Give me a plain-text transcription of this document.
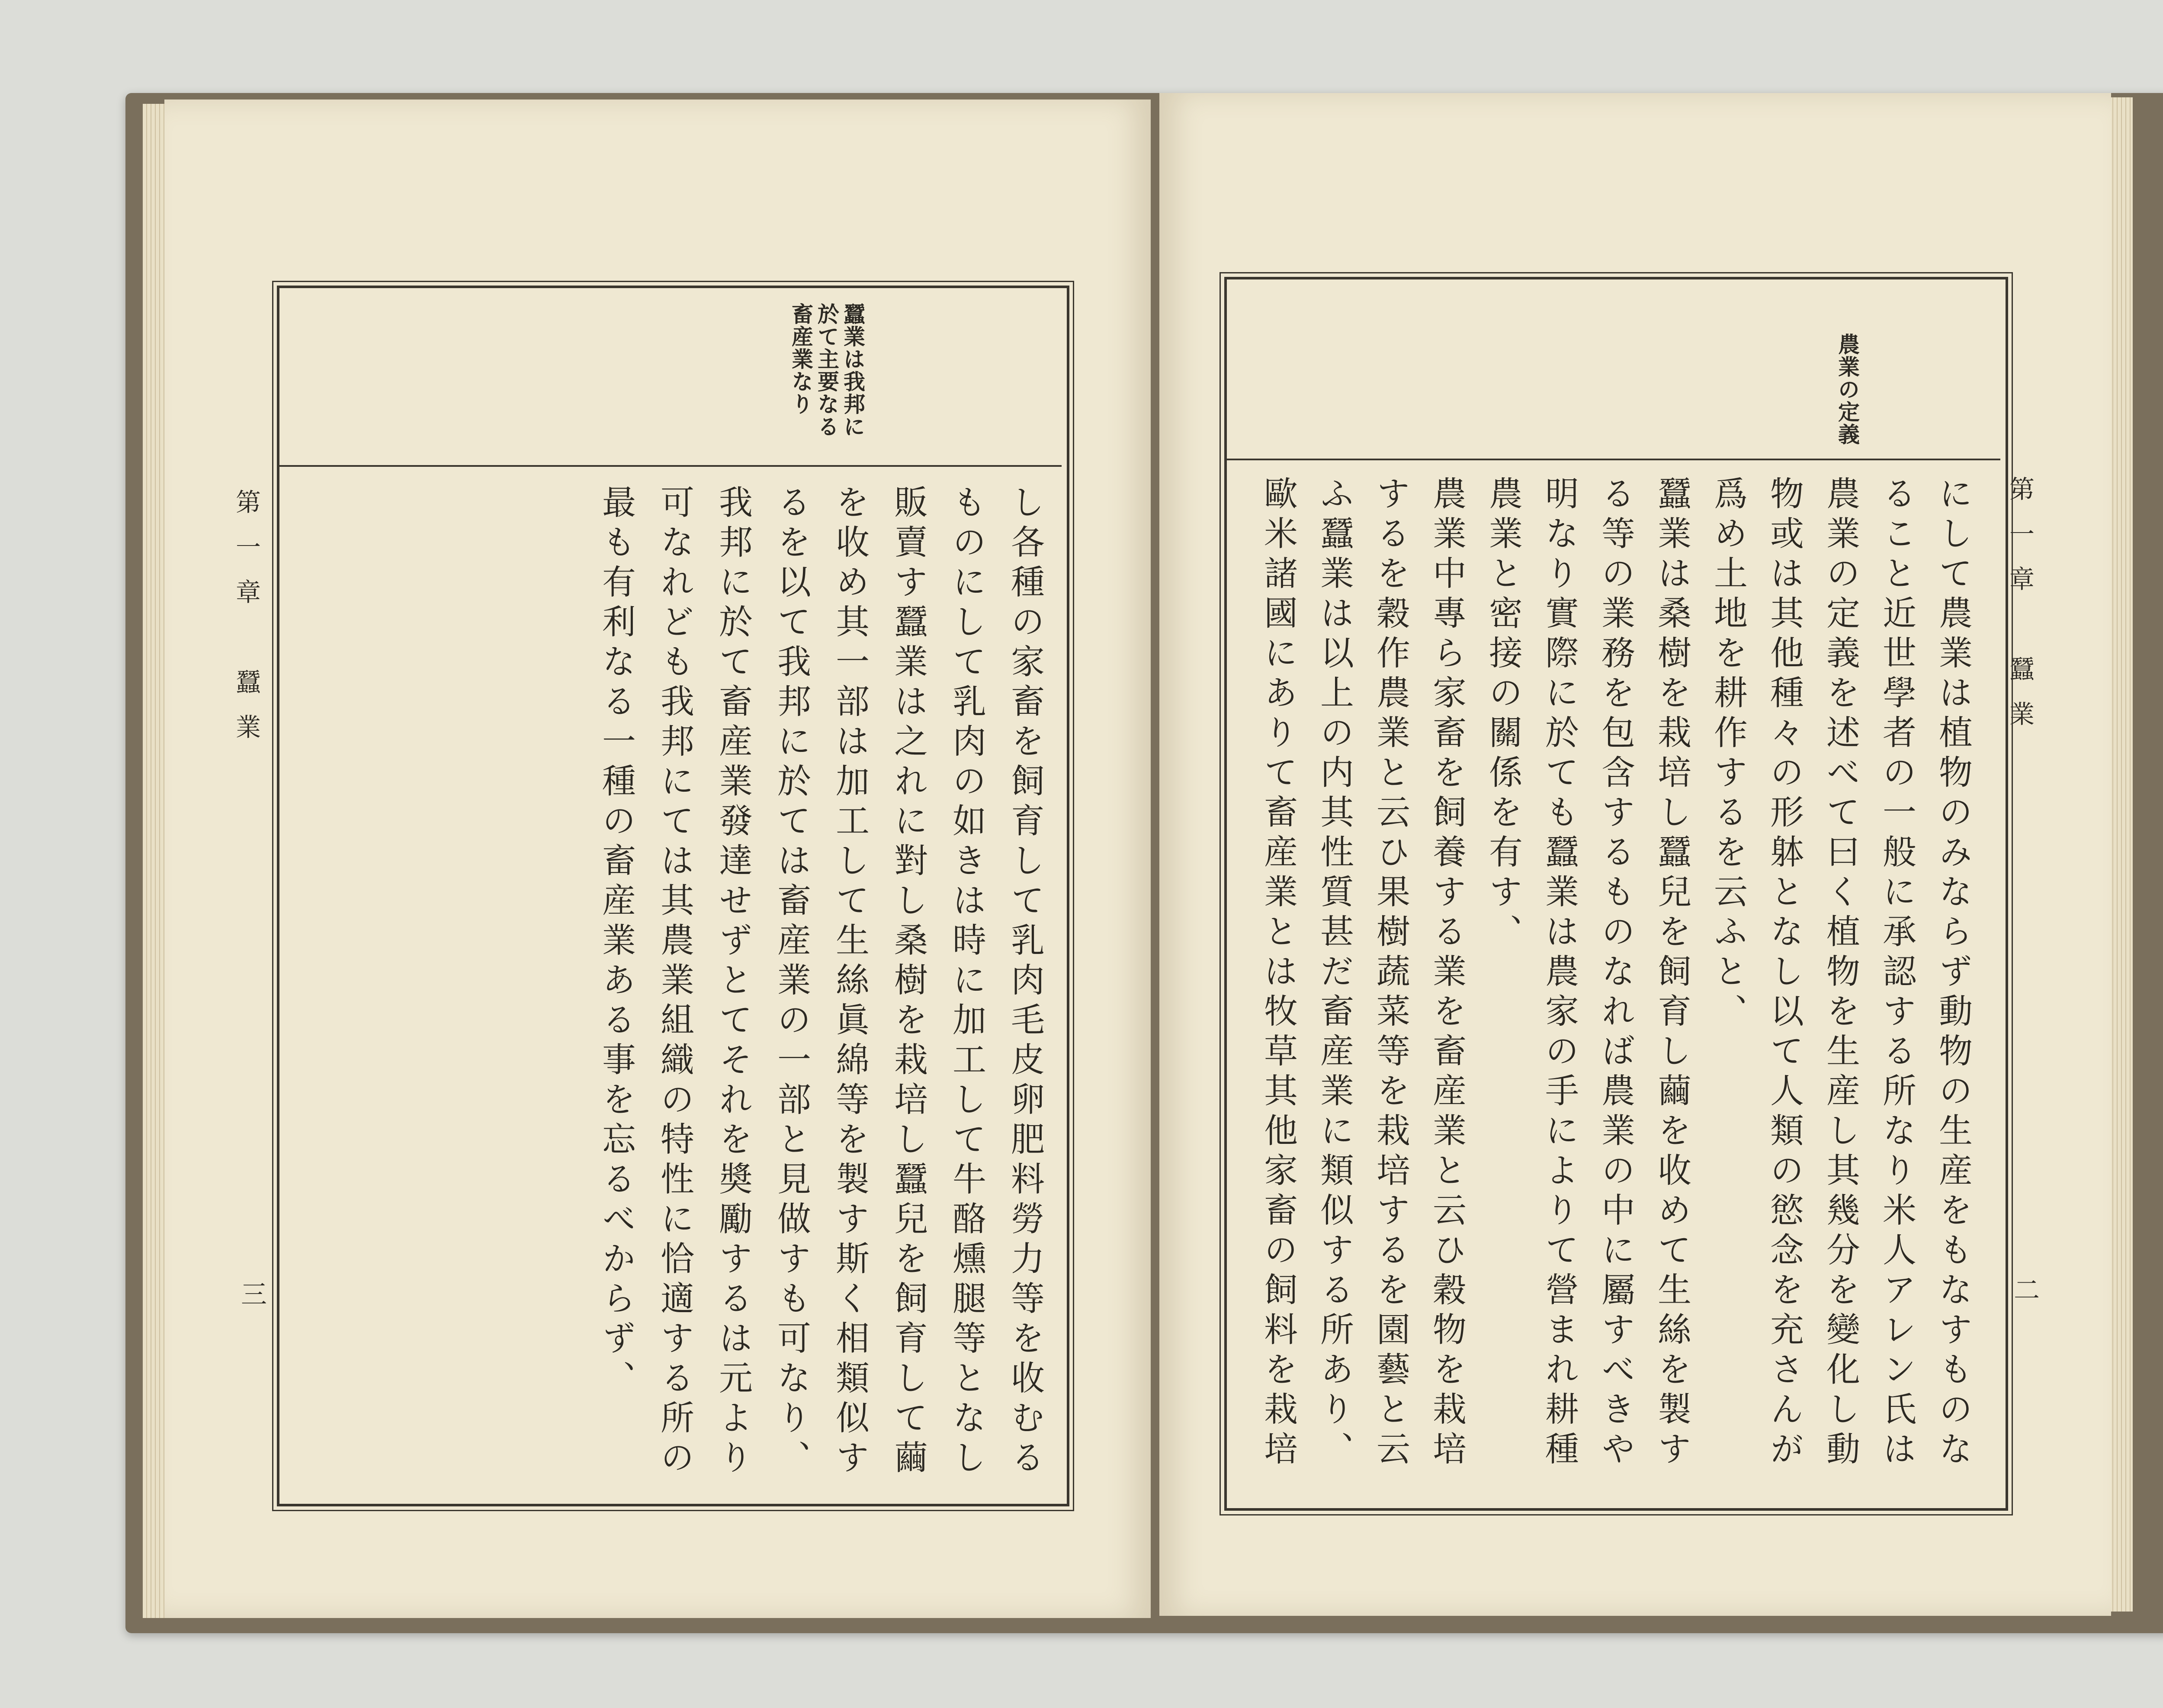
第一章　蠶業
三
蠶業は我邦に
於て主要なる
畜産業なり
し各種の家畜を飼育して乳肉毛皮卵肥料勞力等を收むる
ものにして乳肉の如きは時に加工して牛酪燻腿等となし
販賣す蠶業は之れに對し桑樹を栽培し蠶兒を飼育して繭
を收め其一部は加工して生絲眞綿等を製す斯く相類似す
るを以て我邦に於ては畜産業の一部と見做すも可なり、
我邦に於て畜産業發達せずとてそれを奬勵するは元より
可なれども我邦にては其農業組織の特性に恰適する所の
最も有利なる一種の畜産業ある事を忘るべからず、	第一章　蠶業
二
農業の定義
にして農業は植物のみならず動物の生産をもなすものな
ること近世學者の一般に承認する所なり米人アレン氏は
農業の定義を述べて曰く植物を生産し其幾分を變化し動
物或は其他種々の形躰となし以て人類の慾念を充さんが
爲め土地を耕作するを云ふと、
蠶業は桑樹を栽培し蠶兒を飼育し繭を收めて生絲を製す
る等の業務を包含するものなれば農業の中に屬すべきや
明なり實際に於ても蠶業は農家の手によりて營まれ耕種
農業と密接の關係を有す、
農業中專ら家畜を飼養する業を畜産業と云ひ穀物を栽培
するを穀作農業と云ひ果樹蔬菜等を栽培するを園藝と云
ふ蠶業は以上の内其性質甚だ畜産業に類似する所あり、
歐米諸國にありて畜産業とは牧草其他家畜の飼料を栽培
